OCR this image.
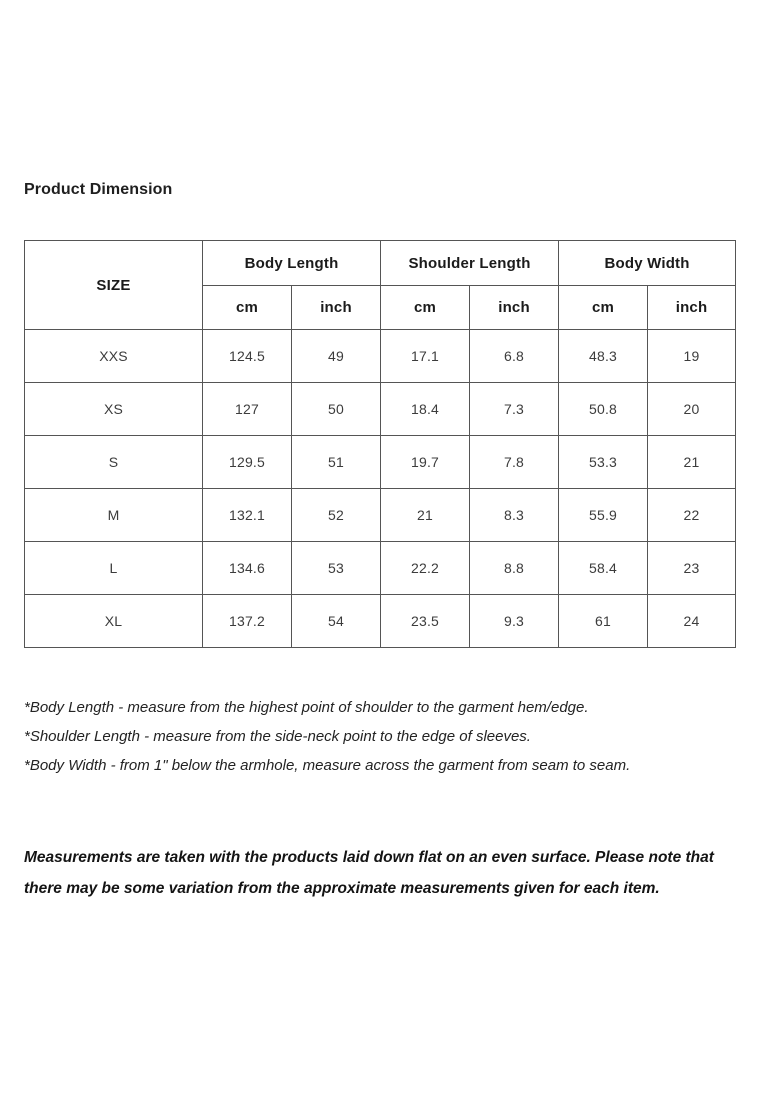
Product Dimension
SIZE	Body Length		Shoulder Length		Body Width	
	cm	inch	cm	inch	cm	inch
XXS	124.5	49	17.1	6.8	48.3	19
XS	127	50	18.4	7.3	50.8	20
S	129.5	51	19.7	7.8	53.3	21
M	132.1	52	21	8.3	55.9	22
L	134.6	53	22.2	8.8	58.4	23
XL	137.2	54	23.5	9.3	61	24
*Body Length - measure from the highest point of shoulder to the garment hem/edge.
*Shoulder Length - measure from the side-neck point to the edge of sleeves.
*Body Width - from 1" below the armhole, measure across the garment from seam to seam.
Measurements are taken with the products laid down flat on an even surface. Please note that there may be some variation from the approximate measurements given for each item.
